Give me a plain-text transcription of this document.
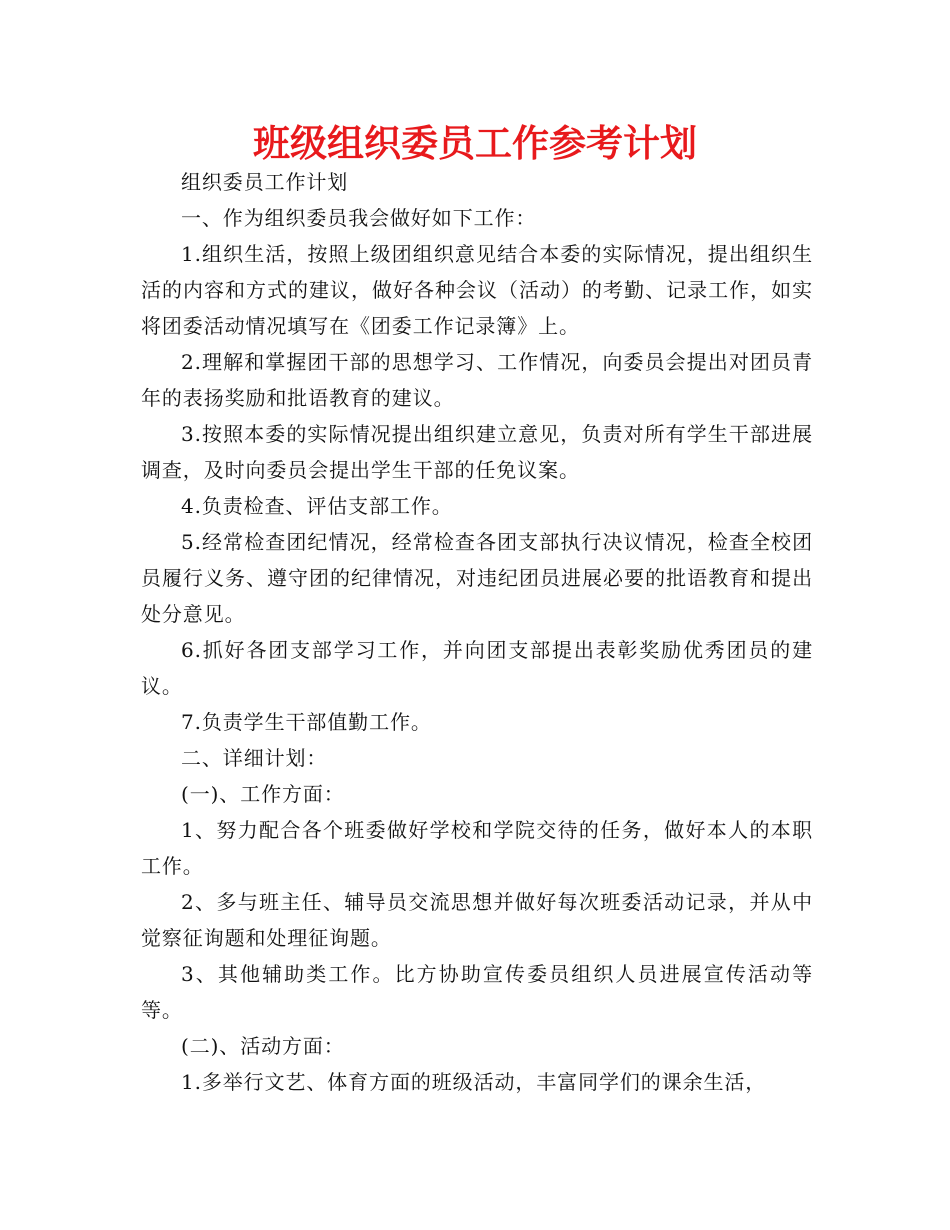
班级组织委员工作参考计划

组织委员工作计划

一、作为组织委员我会做好如下工作：

1.组织生活，按照上级团组织意见结合本委的实际情况，提出组织生活的内容和方式的建议，做好各种会议（活动）的考勤、记录工作，如实将团委活动情况填写在《团委工作记录簿》上。

2.理解和掌握团干部的思想学习、工作情况，向委员会提出对团员青年的表扬奖励和批语教育的建议。

3.按照本委的实际情况提出组织建立意见，负责对所有学生干部进展调查，及时向委员会提出学生干部的任免议案。

4.负责检查、评估支部工作。

5.经常检查团纪情况，经常检查各团支部执行决议情况，检查全校团员履行义务、遵守团的纪律情况，对违纪团员进展必要的批语教育和提出处分意见。

6.抓好各团支部学习工作，并向团支部提出表彰奖励优秀团员的建议。

7.负责学生干部值勤工作。

二、详细计划：

(一)、工作方面：

1、努力配合各个班委做好学校和学院交待的任务，做好本人的本职工作。

2、多与班主任、辅导员交流思想并做好每次班委活动记录，并从中觉察征询题和处理征询题。

3、其他辅助类工作。比方协助宣传委员组织人员进展宣传活动等等。

(二)、活动方面：

1.多举行文艺、体育方面的班级活动，丰富同学们的课余生活，
